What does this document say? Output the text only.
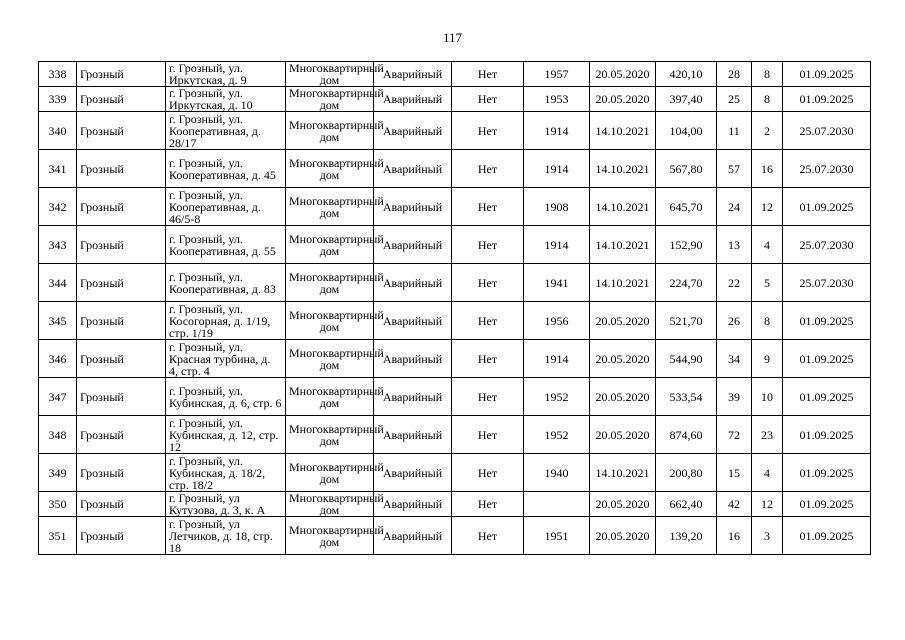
117
338	Грозный	г. Грозный, ул. Иркутская, д. 9	Многоквартирный дом	Аварийный	Нет	1957	20.05.2020	420,10	28	8	01.09.2025
339	Грозный	г. Грозный, ул. Иркутская, д. 10	Многоквартирный дом	Аварийный	Нет	1953	20.05.2020	397,40	25	8	01.09.2025
340	Грозный	г. Грозный, ул. Кооперативная, д. 28/17	Многоквартирный дом	Аварийный	Нет	1914	14.10.2021	104,00	11	2	25.07.2030
341	Грозный	г. Грозный, ул. Кооперативная, д. 45	Многоквартирный дом	Аварийный	Нет	1914	14.10.2021	567,80	57	16	25.07.2030
342	Грозный	г. Грозный, ул. Кооперативная, д. 46/5-8	Многоквартирный дом	Аварийный	Нет	1908	14.10.2021	645,70	24	12	01.09.2025
343	Грозный	г. Грозный, ул. Кооперативная, д. 55	Многоквартирный дом	Аварийный	Нет	1914	14.10.2021	152,90	13	4	25.07.2030
344	Грозный	г. Грозный, ул. Кооперативная, д. 83	Многоквартирный дом	Аварийный	Нет	1941	14.10.2021	224,70	22	5	25.07.2030
345	Грозный	г. Грозный, ул. Косогорная, д. 1/19, стр. 1/19	Многоквартирный дом	Аварийный	Нет	1956	20.05.2020	521,70	26	8	01.09.2025
346	Грозный	г. Грозный, ул. Красная турбина, д. 4, стр. 4	Многоквартирный дом	Аварийный	Нет	1914	20.05.2020	544,90	34	9	01.09.2025
347	Грозный	г. Грозный, ул. Кубинская, д. 6, стр. 6	Многоквартирный дом	Аварийный	Нет	1952	20.05.2020	533,54	39	10	01.09.2025
348	Грозный	г. Грозный, ул. Кубинская, д. 12, стр. 12	Многоквартирный дом	Аварийный	Нет	1952	20.05.2020	874,60	72	23	01.09.2025
349	Грозный	г. Грозный, ул. Кубинская, д. 18/2, стр. 18/2	Многоквартирный дом	Аварийный	Нет	1940	14.10.2021	200,80	15	4	01.09.2025
350	Грозный	г. Грозный, ул Кутузова, д. 3, к. А	Многоквартирный дом	Аварийный	Нет		20.05.2020	662,40	42	12	01.09.2025
351	Грозный	г. Грозный, ул Летчиков, д. 18, стр. 18	Многоквартирный дом	Аварийный	Нет	1951	20.05.2020	139,20	16	3	01.09.2025
